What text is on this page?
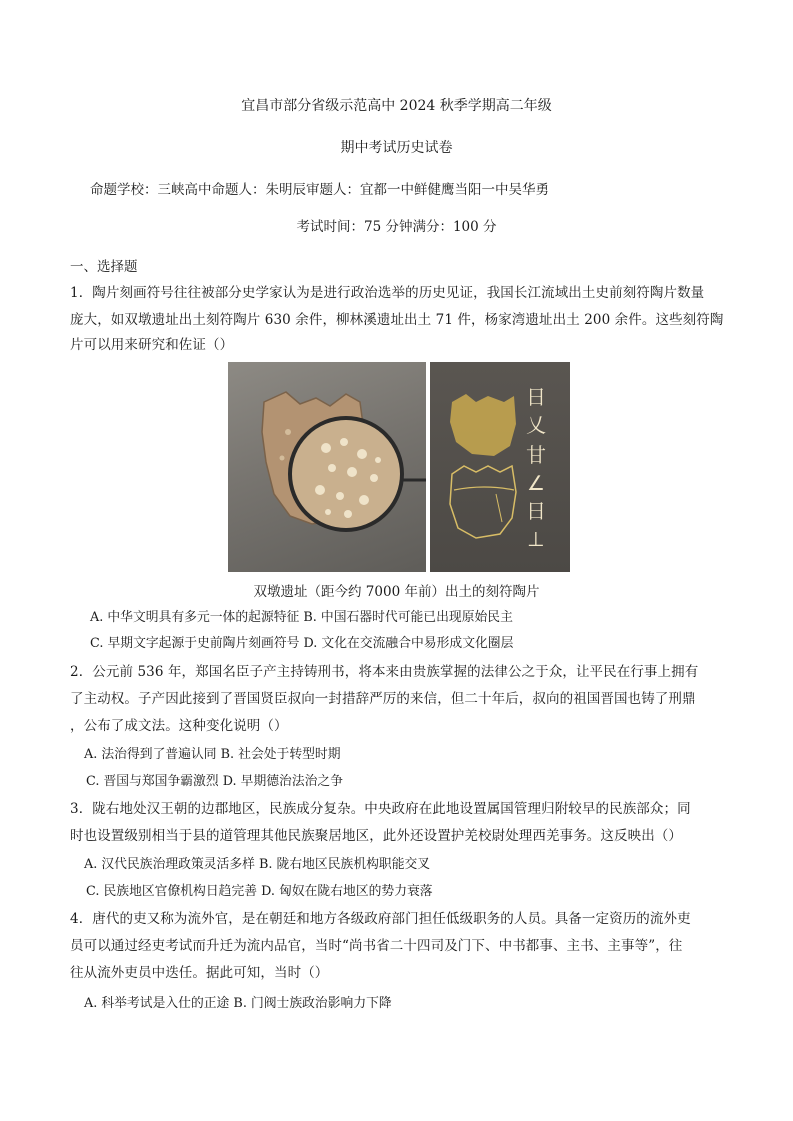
宜昌市部分省级示范高中 2024 秋季学期高二年级
期中考试历史试卷
命题学校：三峡高中命题人：朱明辰审题人：宜都一中鲜健鹰当阳一中吴华勇
考试时间：75 分钟满分：100 分
一、选择题
1．陶片刻画符号往往被部分史学家认为是进行政治选举的历史见证，我国长江流域出土史前刻符陶片数量
庞大，如双墩遗址出土刻符陶片 630 余件，柳林溪遗址出土 71 件，杨家湾遗址出土 200 余件。这些刻符陶
片可以用来研究和佐证（）
日
乂
甘
∠
日
⊥
双墩遗址（距今约 7000 年前）出土的刻符陶片
A. 中华文明具有多元一体的起源特征 B. 中国石器时代可能已出现原始民主
C. 早期文字起源于史前陶片刻画符号 D. 文化在交流融合中易形成文化圈层
2．公元前 536 年，郑国名臣子产主持铸刑书，将本来由贵族掌握的法律公之于众，让平民在行事上拥有
了主动权。子产因此接到了晋国贤臣叔向一封措辞严厉的来信，但二十年后，叔向的祖国晋国也铸了刑鼎
，公布了成文法。这种变化说明（）
A. 法治得到了普遍认同 B. 社会处于转型时期
C. 晋国与郑国争霸激烈 D. 早期德治法治之争
3．陇右地处汉王朝的边郡地区，民族成分复杂。中央政府在此地设置属国管理归附较早的民族部众；同
时也设置级别相当于县的道管理其他民族聚居地区，此外还设置护羌校尉处理西羌事务。这反映出（）
A. 汉代民族治理政策灵活多样 B. 陇右地区民族机构职能交叉
C. 民族地区官僚机构日趋完善 D. 匈奴在陇右地区的势力衰落
4．唐代的吏又称为流外官，是在朝廷和地方各级政府部门担任低级职务的人员。具备一定资历的流外吏
员可以通过经吏考试而升迁为流内品官，当时“尚书省二十四司及门下、中书都事、主书、主事等”，往
往从流外吏员中迭任。据此可知，当时（）
A. 科举考试是入仕的正途 B. 门阀士族政治影响力下降
